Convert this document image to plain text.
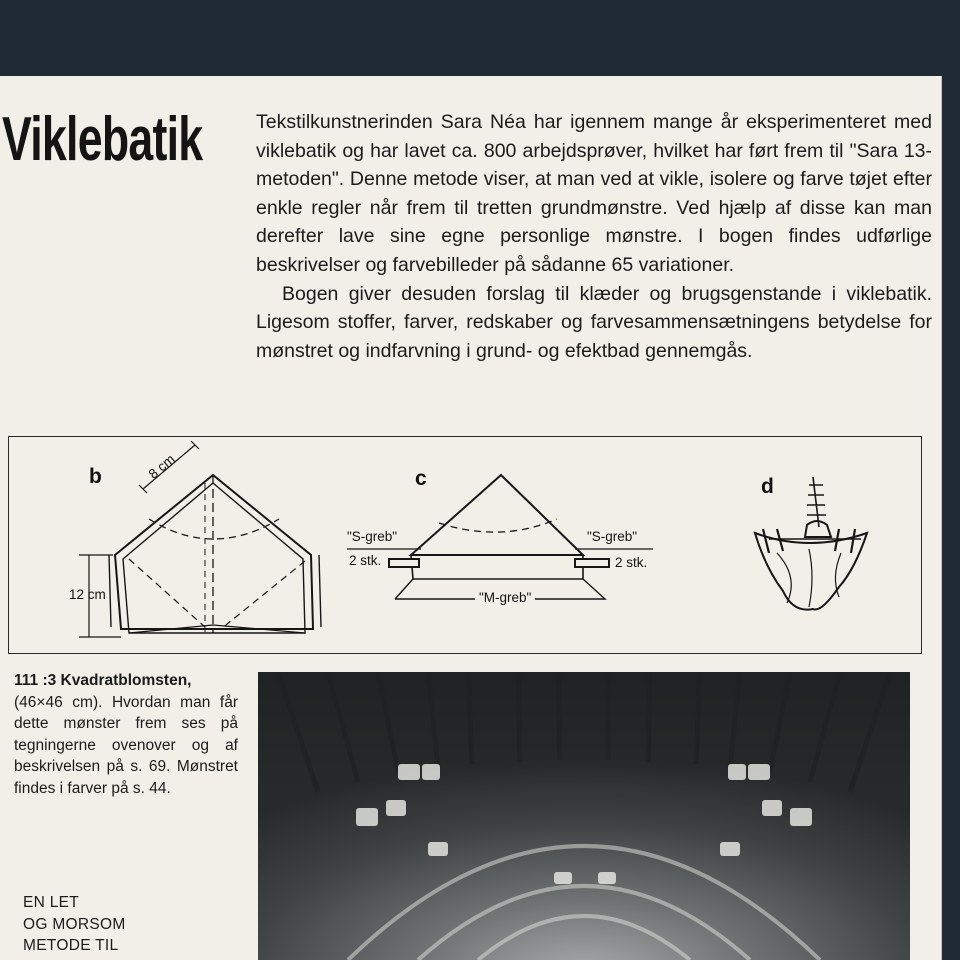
Viklebatik	Tekstilkunstnerinden Sara Néa har igennem mange år eksperimenteret med viklebatik og har lavet ca. 800 arbejdsprøver, hvilket har ført frem til "Sara 13-metoden". Denne metode viser, at man ved at vikle, isolere og farve tøjet efter enkle regler når frem til tretten grundmønstre. Ved hjælp af disse kan man derefter lave sine egne personlige mønstre. I bogen findes udførlige beskrivelser og farvebilleder på sådanne 65 variationer.

Bogen giver desuden forslag til klæder og brugsgenstande i viklebatik. Ligesom stoffer, farver, redskaber og farvesammensætningens betydelse for mønstret og indfarvning i grund- og efektbad gennemgås.

b	8 cm
12 cm
c
"S-greb"
2 stk.
"S-greb"
2 stk.
"M-greb"
d
111 :3 Kvadratblomsten,
(46×46 cm). Hvordan man får dette mønster frem ses på tegningerne ovenover og af beskrivelsen på s. 69. Mønstret findes i farver på s. 44.
EN LET
OG MORSOM
METODE TIL
